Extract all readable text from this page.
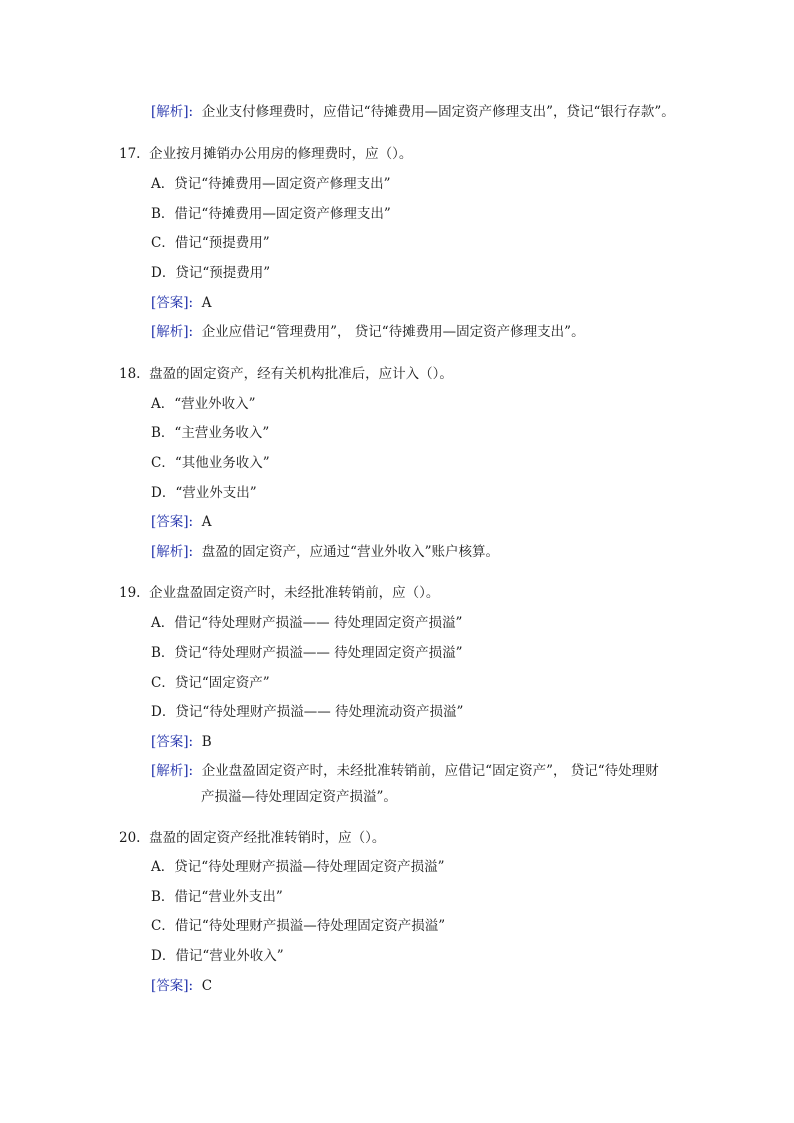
[解析]: 企业支付修理费时，应借记“待摊费用—固定资产修理支出”，贷记“银行存款”。
17. 企业按月摊销办公用房的修理费时，应（）。
A．贷记“待摊费用—固定资产修理支出”
B．借记“待摊费用—固定资产修理支出”
C．借记“预提费用”
D．贷记“预提费用”
[答案]: A
[解析]: 企业应借记“管理费用”， 贷记“待摊费用—固定资产修理支出”。
18. 盘盈的固定资产，经有关机构批准后，应计入（）。
A．“营业外收入”
B．“主营业务收入”
C．“其他业务收入”
D．“营业外支出”
[答案]: A
[解析]: 盘盈的固定资产，应通过“营业外收入”账户核算。
19. 企业盘盈固定资产时，未经批准转销前，应（）。
A．借记“待处理财产损溢—— 待处理固定资产损溢”
B．贷记“待处理财产损溢—— 待处理固定资产损溢”
C．贷记“固定资产”
D．贷记“待处理财产损溢—— 待处理流动资产损溢”
[答案]: B
[解析]: 企业盘盈固定资产时，未经批准转销前，应借记“固定资产”， 贷记“待处理财
产损溢—待处理固定资产损溢”。
20. 盘盈的固定资产经批准转销时，应（）。
A．贷记“待处理财产损溢—待处理固定资产损溢”
B．借记“营业外支出”
C．借记“待处理财产损溢—待处理固定资产损溢”
D．借记“营业外收入”
[答案]: C
